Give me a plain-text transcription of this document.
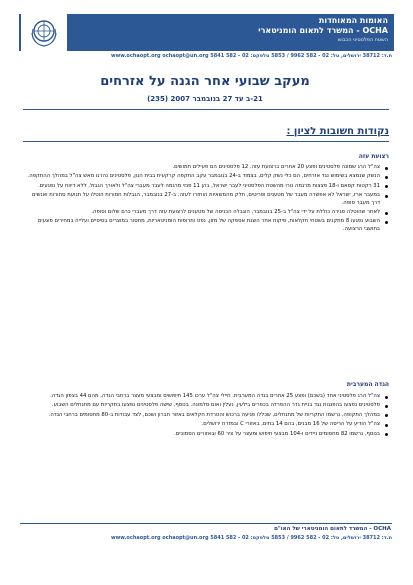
האומות המאוחדות
OCHA - המשרד לתאום הומניטארי
השטח הפלסטיני הכבוש
ת.ד: 38712 ירושלים, טל: 02 - 582 9962 / 5853 טלפקס: 02 - 582 5841 www.ochaopt.org ochaopt@un.org
מעקב שבועי אחר הגנה על אזרחים
21-ב עד 27 בנובמבר 2007 (235)
נקודות חשובות לציון :
רצועת עזה
צה"ל הרג שמונה פלסטינים ופצע 20 אחרים ברצועת עזה. 12 פלסטינים הם פעילים חמושים.
הנשק שנמצא בשימוש נגד אזרחים, הם כלי נשק קלים, בצמוד ב-24 בנובמבר עקב התקפה קרקעית בבית הנון, פלסטינים נהרגו מאש צה"ל במהלך ההתקפה.
31 רקטות קסאם ו-18 פצצות מרגמה נורו מהשטח הפלסטיני לעבר ישראל, בהן 11 פגזי מרגמה לעבר מעברי צה"ל ולאורך הגבול, ללא דיווח על נפגעים.
במעבר ארז, ישראל לא אפשרה מעבר של מטענים ופריטים, חלק מהמשאיות הוחזרו לעזה. ב-27 בנובמבר, הגבלות חמורות הוטלו על תנועת סחורות ואנשים דרך מעבר סופה.
לאחר שהוטלה סגירה כוללת על ידי צה"ל ב-25 בנובמבר, הוגבלה הכניסה של מטענים לרצועת עזה דרך מעברי כרם שלום וסופה.
השבוע נפגעו 8 מתקנים בשטחי חקלאות, פיקוח אחר השגת אספקה של מזון, נפט ותרופות הומניטאריות, מחסור במוצרים בסיסיים ועלייה במחירים פוגעים בתושבי הרצועה.
הגדה המערבית
צה"ל הרג פלסטיני אחד (בשכם) ופצע 25 אחרים בגדה המערבית. חיילי צה"ל ערכו 145 חיפושים ומבצעי מעצר ברחבי הגדה, מהם 44 בצפון הגדה.
פלסטינים נפצעו בהפגנות נגד בניית גדר ההפרדה בכפרים בילעין, נעלין ואום סלמונה. בנוסף, שישה פלסטינים נפצעו בתקריות עם מתנחלים השבוע.
במהלך התקופה, נרשמו התקריות של מתנחלים, שכללו פגיעה ברכוש והטרדת חקלאים באזור חברון ושכם, לצד עבודות ב-80 מחסומים ברחבי הגדה.
צה"ל הודיע על הריסה של 16 מבנים, בהם 14 בתים, באזורי C ובמזרח ירושלים.
בנוסף, נרשמו 82 מחסומים ניידים ו-104 מבצעי חיפוש ומעצר על ציר 60 ובאזורים הסמוכים.
OCHA - המשרד לתאום הומניטארי של האו"ם
ת.ד: 38712 ירושלים, טל: 02 - 582 9962 / 5853 טלפקס: 02 - 582 5841 www.ochaopt.org ochaopt@un.org
